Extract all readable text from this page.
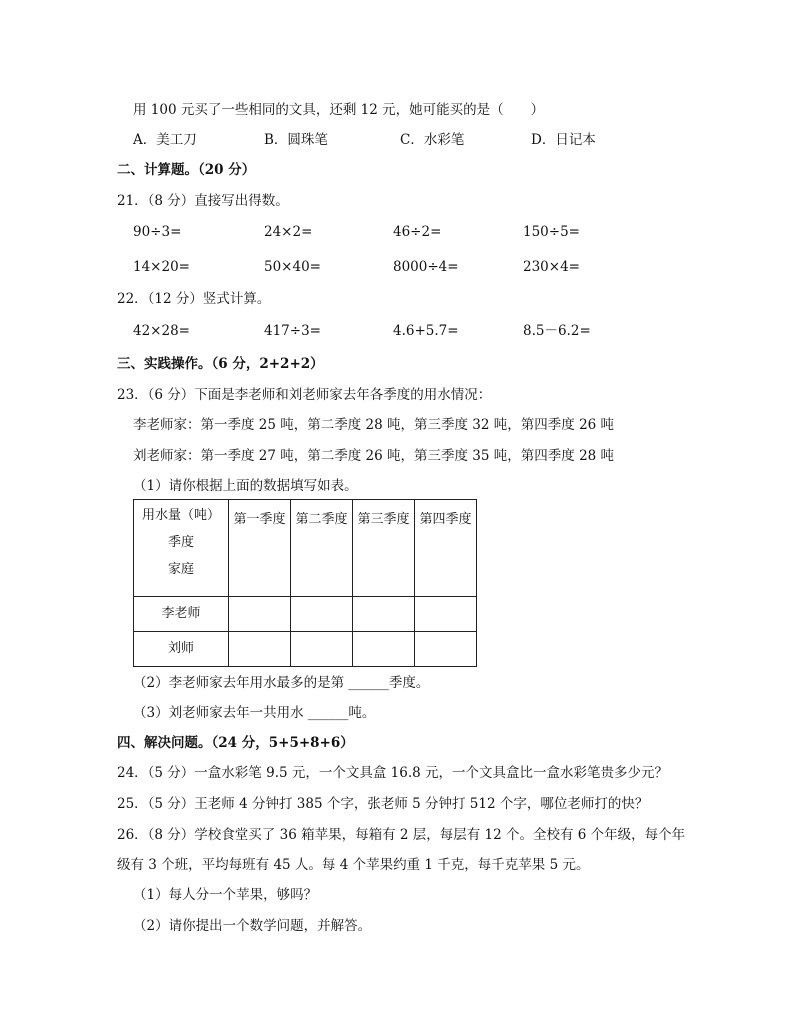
用 100 元买了一些相同的文具，还剩 12 元，她可能买的是（　　）
A．美工刀	B．圆珠笔	C．水彩笔	D．日记本
二、计算题。（20 分）
21．（8 分）直接写出得数。
90÷3=	24×2=	46÷2=	150÷5=
14×20=	50×40=	8000÷4=	230×4=
22．（12 分）竖式计算。
42×28=	417÷3=	4.6+5.7=	8.5－6.2=
三、实践操作。（6 分，2+2+2）
23．（6 分）下面是李老师和刘老师家去年各季度的用水情况：
李老师家：第一季度 25 吨，第二季度 28 吨，第三季度 32 吨，第四季度 26 吨
刘老师家：第一季度 27 吨，第二季度 26 吨，第三季度 35 吨，第四季度 28 吨
（1）请你根据上面的数据填写如表。
用水量（吨）
季度
家庭	第一季度	第二季度	第三季度	第四季度

李老师				
刘师				
（2）李老师家去年用水最多的是第 ______季度。
（3）刘老师家去年一共用水 ______吨。
四、解决问题。（24 分，5+5+8+6）
24．（5 分）一盒水彩笔 9.5 元，一个文具盒 16.8 元，一个文具盒比一盒水彩笔贵多少元？
25．（5 分）王老师 4 分钟打 385 个字，张老师 5 分钟打 512 个字，哪位老师打的快？
26．（8 分）学校食堂买了 36 箱苹果，每箱有 2 层，每层有 12 个。全校有 6 个年级，每个年
级有 3 个班，平均每班有 45 人。每 4 个苹果约重 1 千克，每千克苹果 5 元。
（1）每人分一个苹果，够吗？
（2）请你提出一个数学问题，并解答。
